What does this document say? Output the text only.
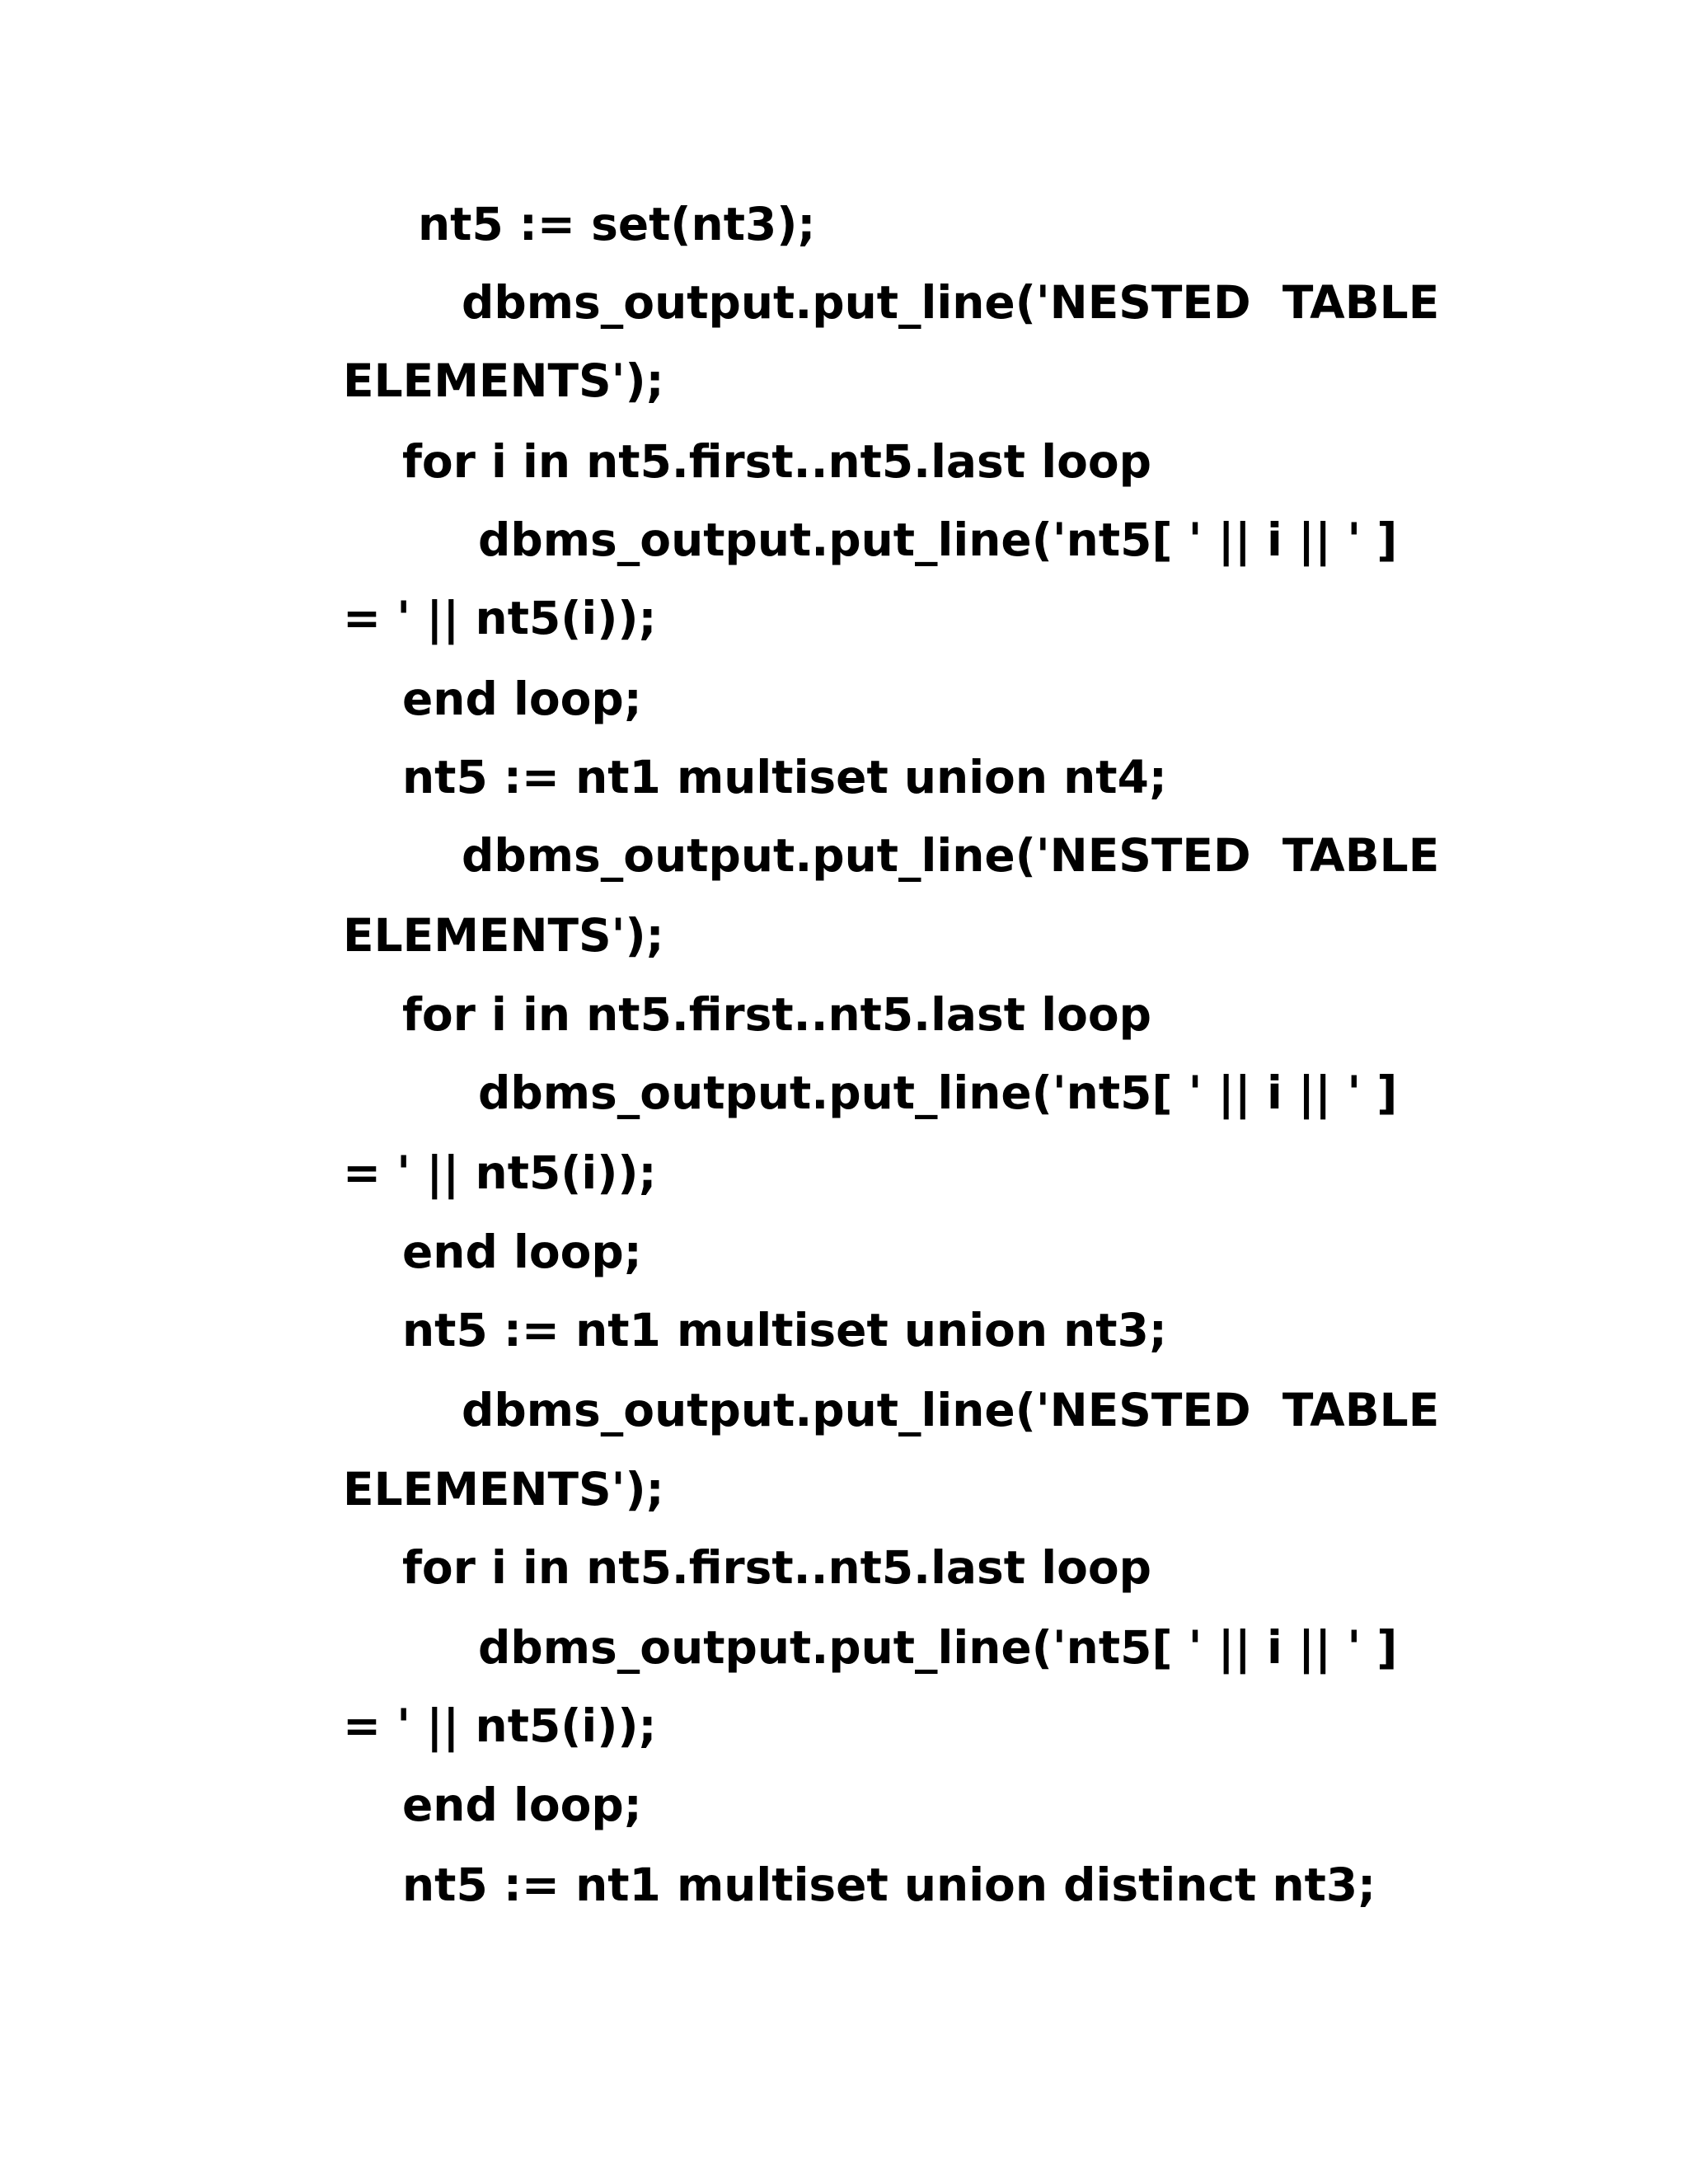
nt5 := set(nt3);

dbms_output.put_line('NESTED  TABLE

ELEMENTS');

for i in nt5.first..nt5.last loop

dbms_output.put_line('nt5[ ' || i || ' ]

= ' || nt5(i));

end loop;

nt5 := nt1 multiset union nt4;

dbms_output.put_line('NESTED  TABLE

ELEMENTS');

for i in nt5.first..nt5.last loop

dbms_output.put_line('nt5[ ' || i || ' ]

= ' || nt5(i));

end loop;

nt5 := nt1 multiset union nt3;

dbms_output.put_line('NESTED  TABLE

ELEMENTS');

for i in nt5.first..nt5.last loop

dbms_output.put_line('nt5[ ' || i || ' ]

= ' || nt5(i));

end loop;

nt5 := nt1 multiset union distinct nt3;
